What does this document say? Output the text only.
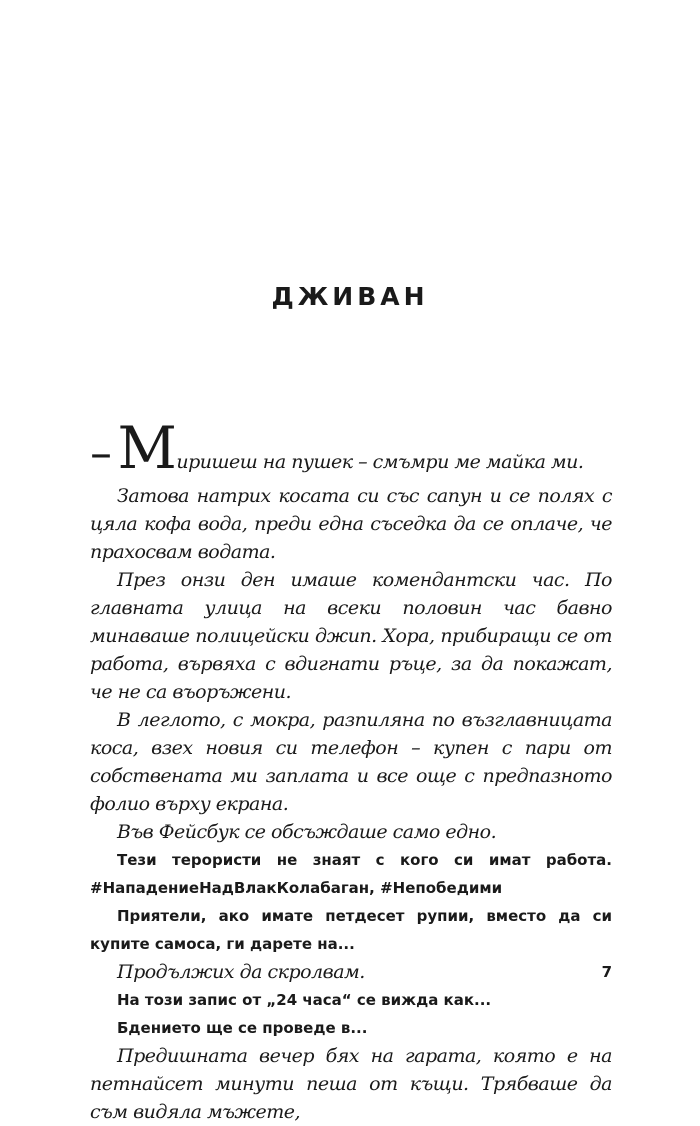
ДЖИВАН

– Миришеш на пушек – смъмри ме майка ми.

Затова натрих косата си със сапун и се полях с цяла кофа вода, преди една съседка да се оплаче, че прахосвам водата.

През онзи ден имаше комендантски час. По главната улица на всеки половин час бавно минаваше полицейски джип. Хора, прибиращи се от работа, вървяха с вдигнати ръце, за да покажат, че не са въоръжени.

В леглото, с мокра, разпиляна по възглавницата коса, взех новия си телефон – купен с пари от собствената ми заплата и все още с предпазното фолио върху екрана.

Във Фейсбук се обсъждаше само едно.

Тези терористи не знаят с кого си имат работа. #НападениеНадВлакКолабаган, #Непобедими

Приятели, ако имате петдесет рупии, вместо да си купите самоса, ги дарете на...

Продължих да скролвам.

На този запис от „24 часа“ се вижда как...

Бдението ще се проведе в...

Предишната вечер бях на гарата, която е на петнайсет минути пеша от къщи. Трябваше да съм видяла мъжете,

7
